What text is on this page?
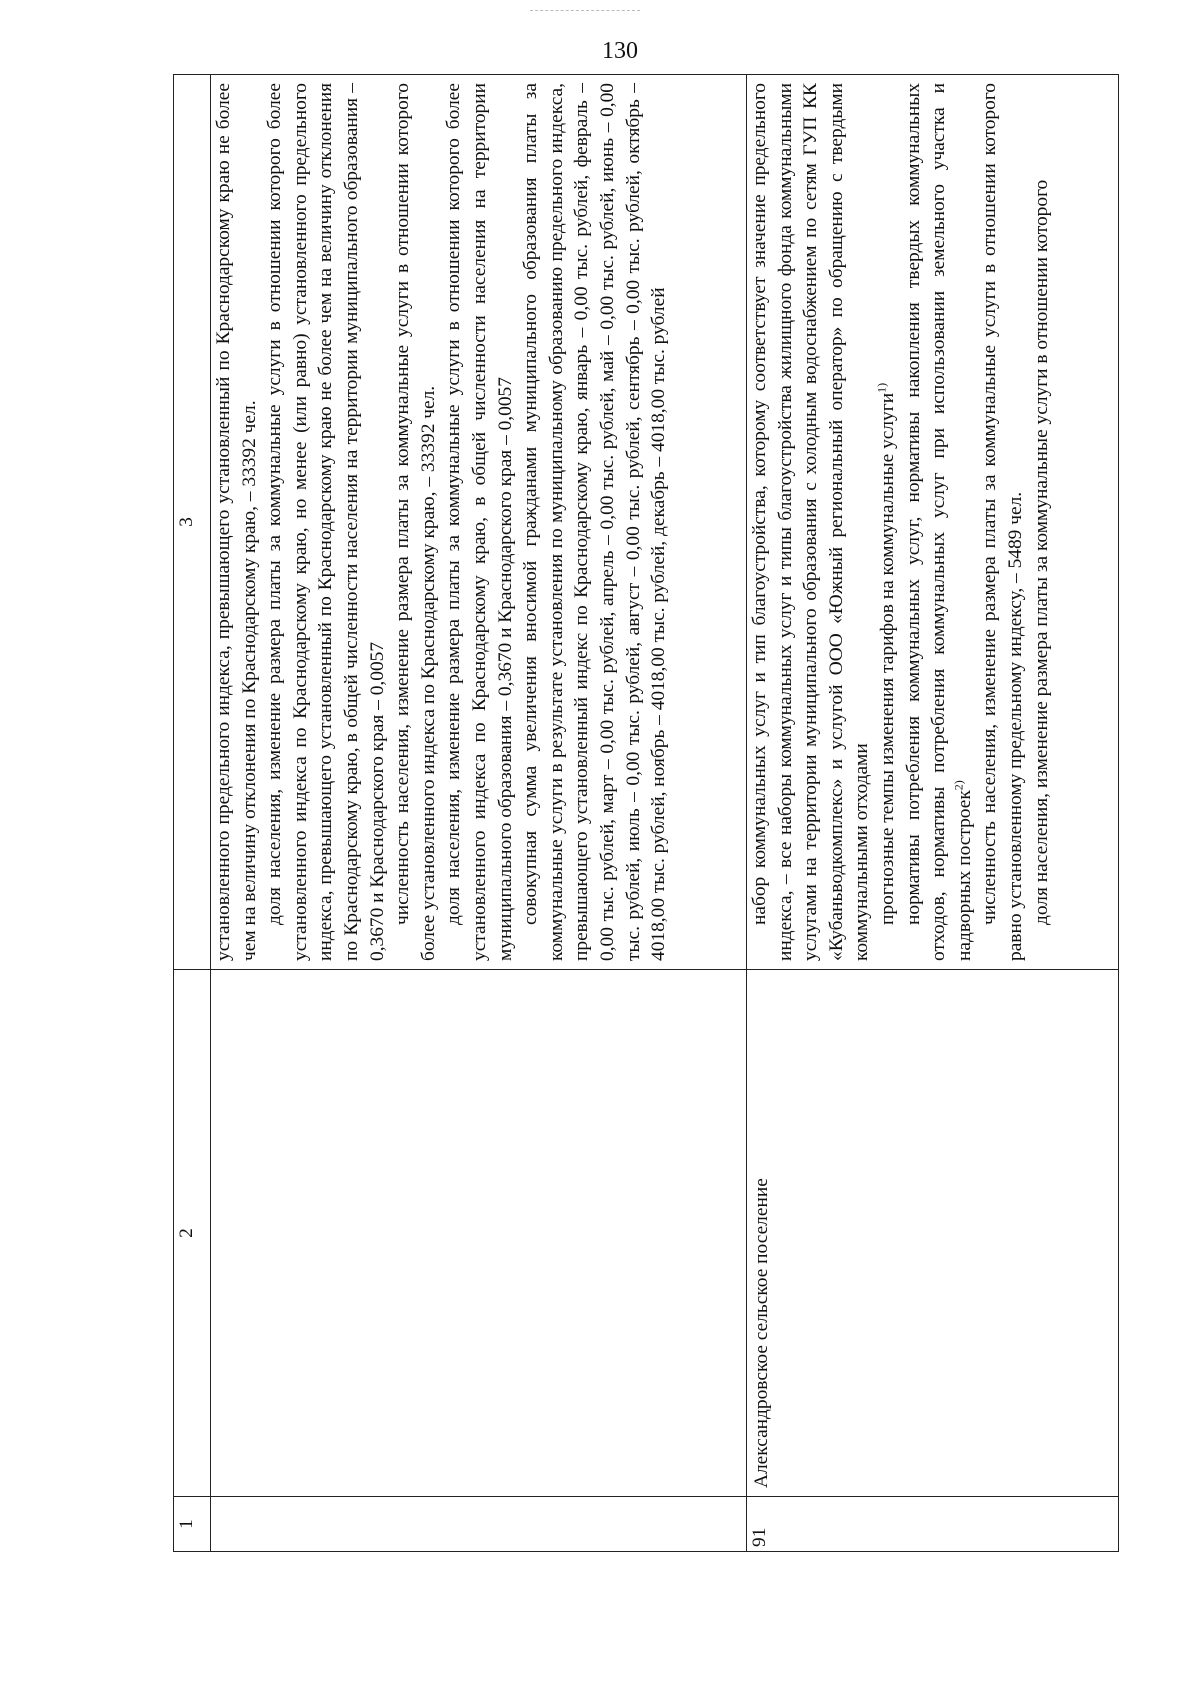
130
1	2	3

		установленного предельного индекса, превышающего установленный по Краснодарскому краю не более чем на величину отклонения по Краснодарскому краю, – 33392 чел. доля населения, изменение размера платы за коммунальные услуги в отношении которого более установленного индекса по Краснодарскому краю, но менее (или равно) установленного предельного индекса, превышающего установленный по Краснодарскому краю не более чем на величину отклонения по Краснодарскому краю, в общей численности населения на территории муниципального образования – 0,3670 и Краснодарского края – 0,0057 численность населения, изменение размера платы за коммунальные услуги в отношении которого более установленного индекса по Краснодарскому краю, – 33392 чел. доля населения, изменение размера платы за коммунальные услуги в отношении которого более установленного индекса по Краснодарскому краю, в общей численности населения на территории муниципального образования – 0,3670 и Краснодарского края – 0,0057 совокупная сумма увеличения вносимой гражданами муниципального образования платы за коммунальные услуги в результате установления по муниципальному образованию предельного индекса, превышающего установленный индекс по Краснодарскому краю, январь – 0,00 тыс. рублей, февраль – 0,00 тыс. рублей, март – 0,00 тыс. рублей, апрель – 0,00 тыс. рублей, май – 0,00 тыс. рублей, июнь – 0,00 тыс. рублей, июль – 0,00 тыс. рублей, август – 0,00 тыс. рублей, сентябрь – 0,00 тыс. рублей, октябрь – 4018,00 тыс. рублей, ноябрь – 4018,00 тыс. рублей, декабрь – 4018,00 тыс. рублей

91	Александровское сельское поселение	набор коммунальных услуг и тип благоустройства, которому соответствует значение предельного индекса, – все наборы коммунальных услуг и типы благоустройства жилищного фонда коммунальными услугами на территории муниципального образования с холодным водоснабжением по сетям ГУП КК «Кубаньводкомплекс» и услугой ООО «Южный региональный оператор» по обращению с твердыми коммунальными отходами прогнозные темпы изменения тарифов на коммунальные услуги$^{1)}$ нормативы потребления коммунальных услуг, нормативы накопления твердых коммунальных отходов, нормативы потребления коммунальных услуг при использовании земельного участка и надворных построек$^{2)}$ численность населения, изменение размера платы за коммунальные услуги в отношении которого равно установленному предельному индексу, – 5489 чел. доля населения, изменение размера платы за коммунальные услуги в отношении которого
